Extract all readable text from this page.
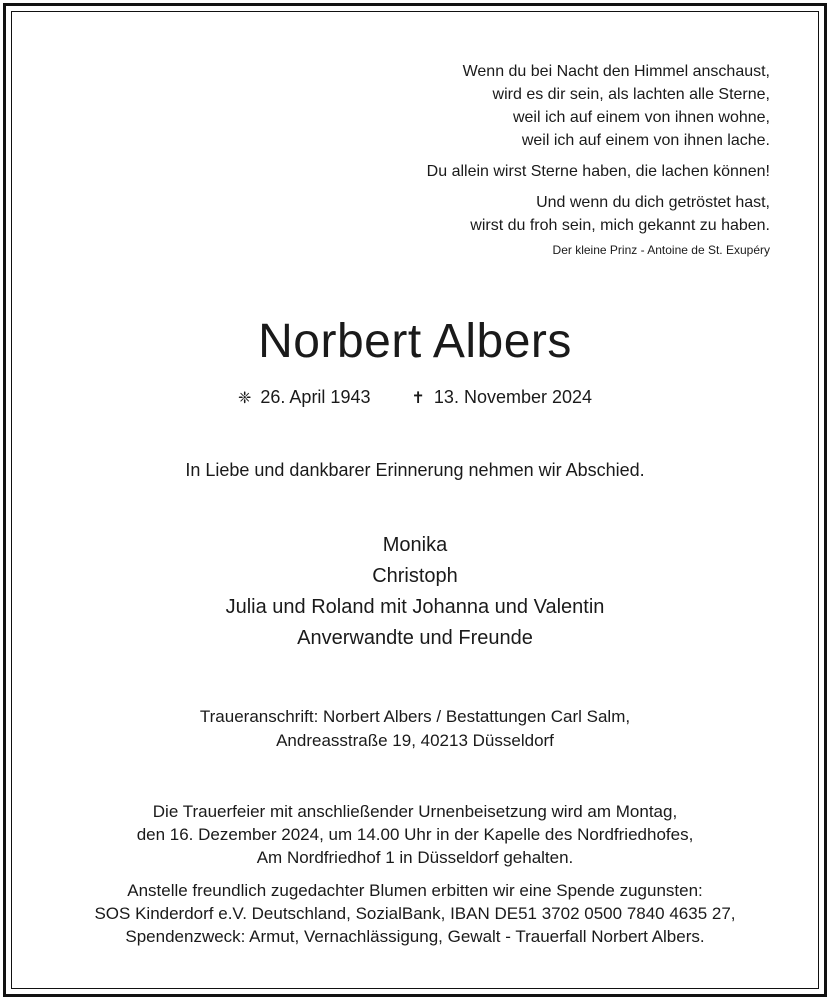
Wenn du bei Nacht den Himmel anschaust,
wird es dir sein, als lachten alle Sterne,
weil ich auf einem von ihnen wohne,
weil ich auf einem von ihnen lache.
Du allein wirst Sterne haben, die lachen können!
Und wenn du dich getröstet hast,
wirst du froh sein, mich gekannt zu haben.
Der kleine Prinz - Antoine de St. Exupéry
Norbert Albers
❈ 26. April 1943	✝ 13. November 2024
In Liebe und dankbarer Erinnerung nehmen wir Abschied.
Monika
Christoph
Julia und Roland mit Johanna und Valentin
Anverwandte und Freunde
Traueranschrift: Norbert Albers / Bestattungen Carl Salm,
Andreasstraße 19, 40213 Düsseldorf
Die Trauerfeier mit anschließender Urnenbeisetzung wird am Montag,
den 16. Dezember 2024, um 14.00 Uhr in der Kapelle des Nordfriedhofes,
Am Nordfriedhof 1 in Düsseldorf gehalten.
Anstelle freundlich zugedachter Blumen erbitten wir eine Spende zugunsten:
SOS Kinderdorf e.V. Deutschland, SozialBank, IBAN DE51 3702 0500 7840 4635 27,
Spendenzweck: Armut, Vernachlässigung, Gewalt - Trauerfall Norbert Albers.
